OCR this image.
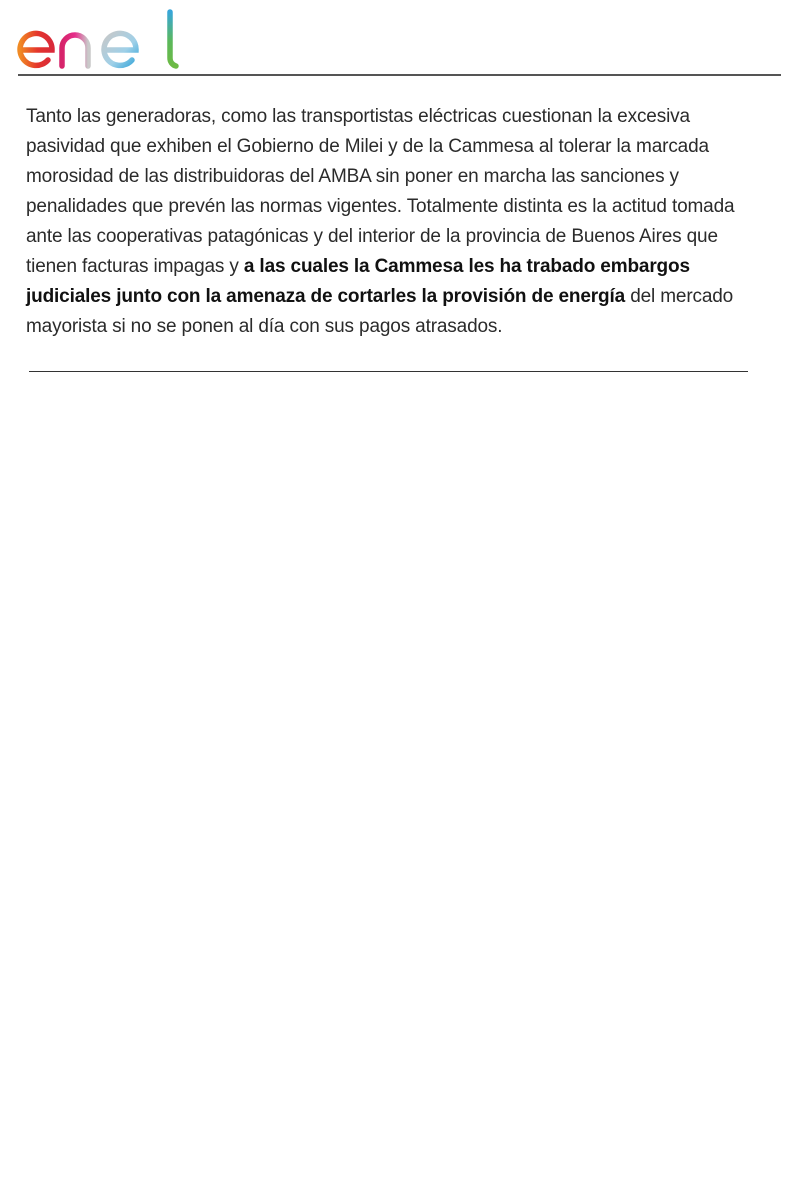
Tanto las generadoras, como las transportistas eléctricas cuestionan la excesiva pasividad que exhiben el Gobierno de Milei y de la Cammesa al tolerar la marcada morosidad de las distribuidoras del AMBA sin poner en marcha las sanciones y penalidades que prevén las normas vigentes. Totalmente distinta es la actitud tomada ante las cooperativas patagónicas y del interior de la provincia de Buenos Aires que tienen facturas impagas y a las cuales la Cammesa les ha trabado embargos judiciales junto con la amenaza de cortarles la provisión de energía del mercado mayorista si no se ponen al día con sus pagos atrasados.
